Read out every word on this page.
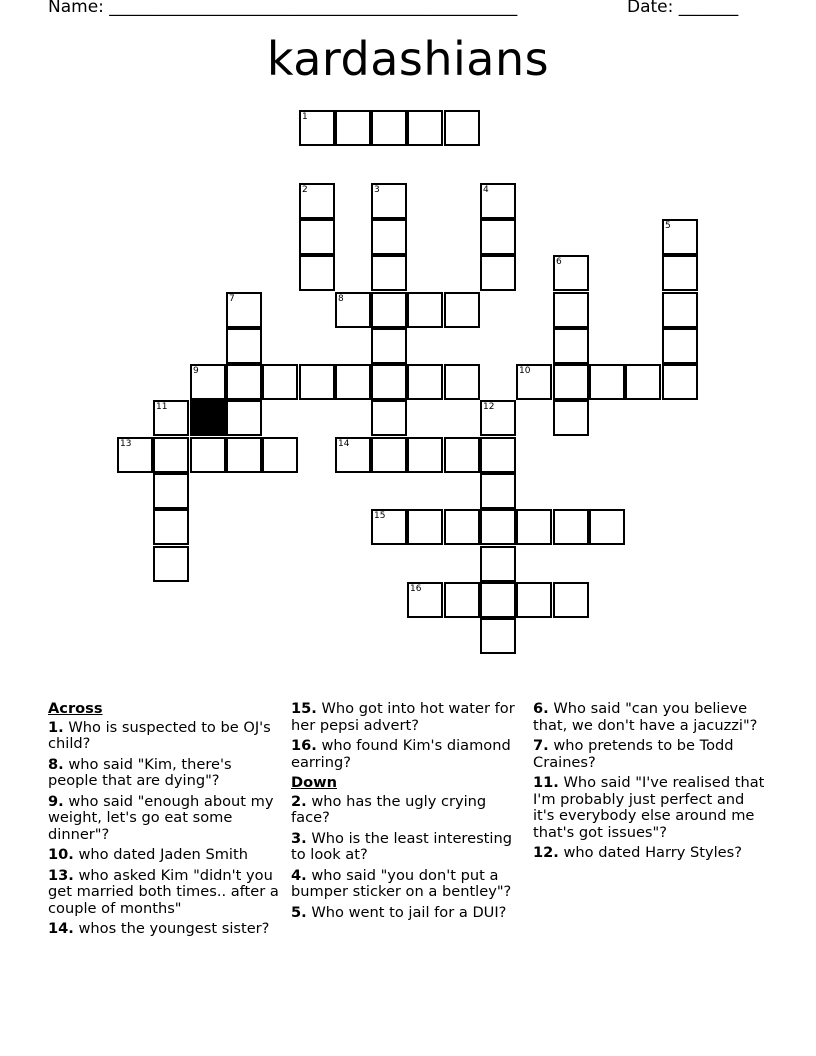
Name: ________________________________________________	Date: _______
kardashians
1
2	3	4
5
6
7	8
9	10
11	12
13	14
15
16
Across

1. Who is suspected to be OJ's child?

8. who said "Kim, there's people that are dying"?

9. who said "enough about my weight, let's go eat some dinner"?

10. who dated Jaden Smith

13. who asked Kim "didn't you get married both times.. after a couple of months"

14. whos the youngest sister?

15. Who got into hot water for her pepsi advert?

16. who found Kim's diamond earring?

Down

2. who has the ugly crying face?

3. Who is the least interesting to look at?

4. who said "you don't put a bumper sticker on a bentley"?

5. Who went to jail for a DUI?

6. Who said "can you believe that, we don't have a jacuzzi"?

7. who pretends to be Todd Craines?

11. Who said "I've realised that I'm probably just perfect and it's everybody else around me that's got issues"?

12. who dated Harry Styles?
